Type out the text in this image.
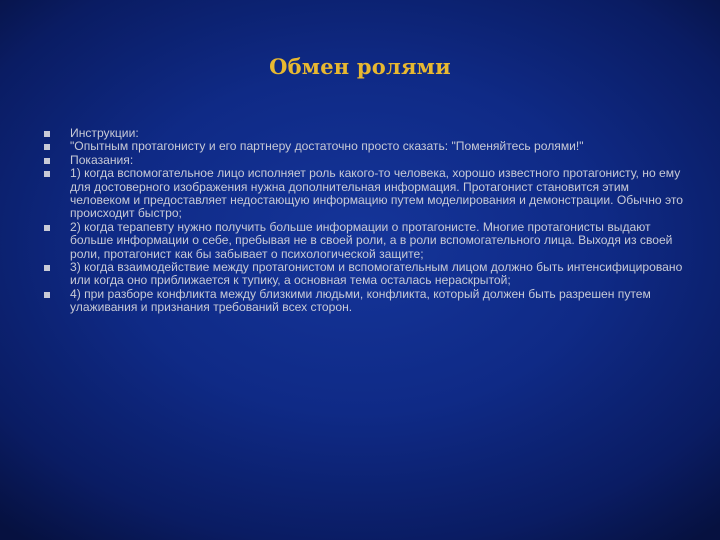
Обмен ролями
Инструкции:
"Опытным протагонисту и его партнеру достаточно просто сказать: "Поменяйтесь ролями!"
Показания:
1) когда вспомогательное лицо исполняет роль какого-то человека, хорошо известного протагонисту, но ему для достоверного изображения нужна дополнительная информация. Протагонист становится этим человеком и предоставляет недостающую информацию путем моделирования и демонстрации. Обычно это происходит быстро;
2) когда терапевту нужно получить больше информации о протагонисте. Многие протагонисты выдают больше информации о себе, пребывая не в своей роли, а в роли вспомогательного лица. Выходя из своей роли, протагонист как бы забывает о психологической защите;
3) когда взаимодействие между протагонистом и вспомогательным лицом должно быть интенсифицировано или когда оно приближается к тупику, а основная тема осталась нераскрытой;
4) при разборе конфликта между близкими людьми, конфликта, который должен быть разрешен путем улаживания и признания требований всех сторон.
